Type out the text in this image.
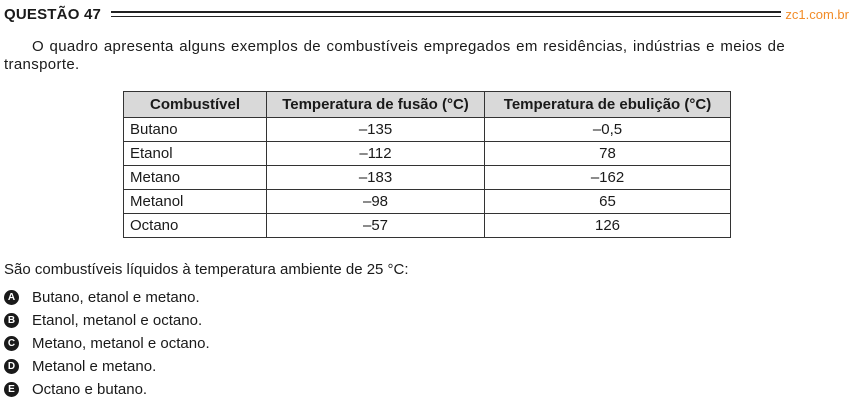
QUESTÃO 47	zc1.com.br

O quadro apresenta alguns exemplos de combustíveis empregados em residências, indústrias e meios de transporte.

Combustível	Temperatura de fusão (°C)	Temperatura de ebulição (°C)
Butano	–135	–0,5
Etanol	–112	78
Metano	–183	–162
Metanol	–98	65
Octano	–57	126

São combustíveis líquidos à temperatura ambiente de 25 °C:

A Butano, etanol e metano.
B Etanol, metanol e octano.
C Metano, metanol e octano.
D Metanol e metano.
E Octano e butano.
